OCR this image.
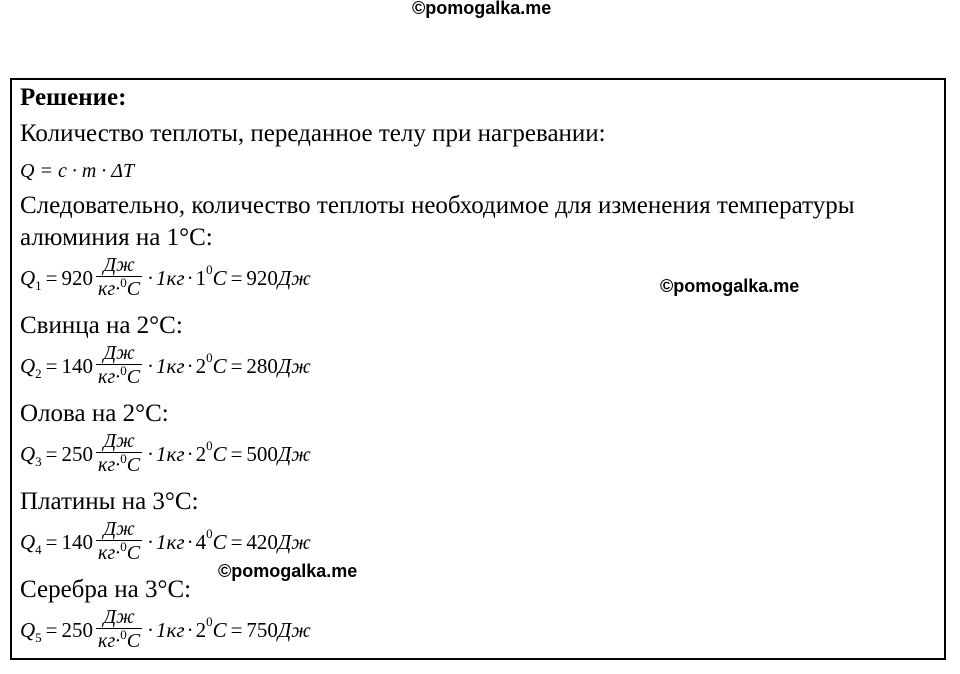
©pomogalka.me
Решение:
Количество теплоты, переданное телу при нагревании:
Q = c · m · ΔT
Следовательно, количество теплоты необходимое для изменения температуры
алюминия на 1°С:
Q $1 = 920 \frac{Дж}{кг\cdot^0С} \cdot 1кг \cdot 1$ 0 С = 920 Дж	©pomogalka.me
Свинца на 2°С:
Q $2 = 140 \frac{Дж}{кг\cdot^0С} \cdot 1кг \cdot 2$ 0 С = 280 Дж
Олова на 2°С:
Q $3 = 250 \frac{Дж}{кг\cdot^0С} \cdot 1кг \cdot 2$ 0 С = 500 Дж
Платины на 3°С:
Q $4 = 140 \frac{Дж}{кг\cdot^0С} \cdot 1кг \cdot 4$ 0 С = 420 Дж
©pomogalka.me
Серебра на 3°С:
Q $5 = 250 \frac{Дж}{кг\cdot^0С} \cdot 1кг \cdot 2$ 0 С = 750 Дж
